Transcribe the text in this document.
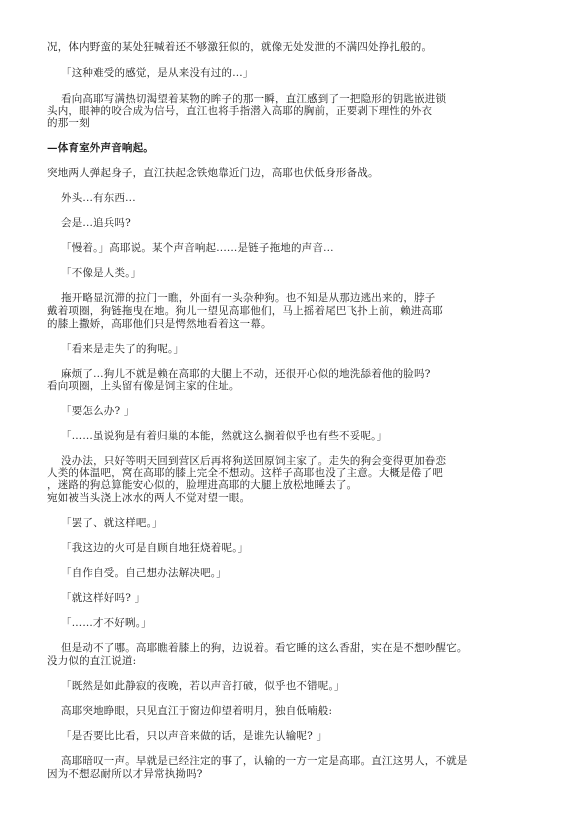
况，体内野蛮的某处狂喊着还不够激狂似的，就像无处发泄的不满四处挣扎般的。
「这种难受的感觉，是从来没有过的...」
看向高耶写满热切渴望着某物的眸子的那一瞬，直江感到了一把隐形的钥匙嵌进锁
头内，眼神的咬合成为信号，直江也将手指潜入高耶的胸前，正要剥下理性的外衣
的那一刻
—体育室外声音响起。
突地两人弹起身子，直江扶起念铁炮靠近门边，高耶也伏低身形备战。
外头...有东西...
会是...追兵吗?
「慢着。」高耶说。某个声音响起......是链子拖地的声音...
「不像是人类。」
拖开略显沉滞的拉门一瞧，外面有一头杂种狗。也不知是从那边逃出来的，脖子
戴着项圈，狗链拖曳在地。狗儿一望见高耶他们，马上摇着尾巴飞扑上前，赖进高耶
的膝上撒娇，高耶他们只是愕然地看着这一幕。
「看来是走失了的狗呢。」
麻烦了...狗儿不就是赖在高耶的大腿上不动，还很开心似的地洗舔着他的脸吗?
看向项圈，上头留有像是饲主家的住址。
「要怎么办? 」
「......虽说狗是有着归巢的本能，然就这么搁着似乎也有些不妥呢。」
没办法，只好等明天回到营区后再将狗送回原饲主家了。走失的狗会变得更加眷恋
人类的体温吧，窝在高耶的膝上完全不想动。这样子高耶也没了主意。大概是倦了吧
，迷路的狗总算能安心似的，脸埋进高耶的大腿上放松地睡去了。
宛如被当头浇上冰水的两人不觉对望一眼。
「罢了、就这样吧。」
「我这边的火可是自顾自地狂烧着呢。」
「自作自受。自己想办法解决吧。」
「就这样好吗? 」
「......才不好咧。」
但是动不了哪。高耶瞧着膝上的狗，边说着。看它睡的这么香甜，实在是不想吵醒它。
没力似的直江说道:
「既然是如此静寂的夜晚，若以声音打破，似乎也不错呢。」
高耶突地睁眼，只见直江于窗边仰望着明月，独自低喃般:
「是否要比比看，只以声音来做的话，是谁先认输呢? 」
高耶暗叹一声。早就是已经注定的事了，认输的一方一定是高耶。直江这男人，不就是
因为不想忍耐所以才异常执拗吗?
